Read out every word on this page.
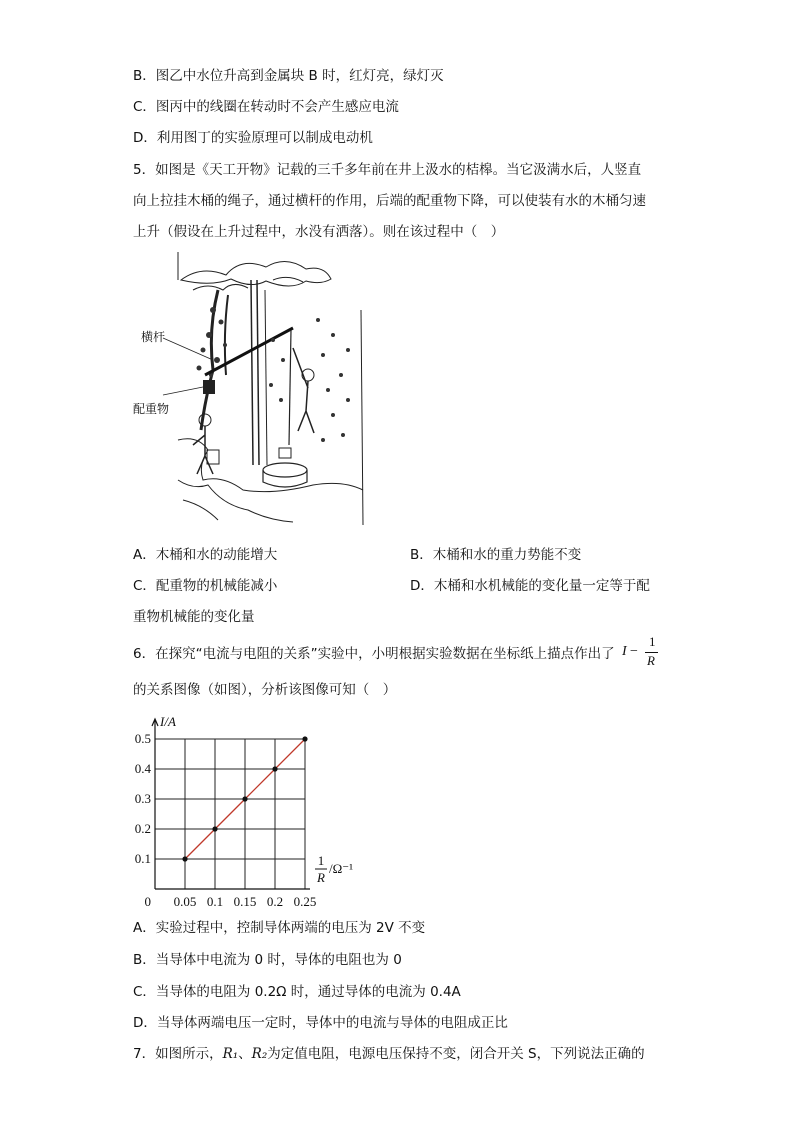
B．图乙中水位升高到金属块 B 时，红灯亮，绿灯灭
C．图丙中的线圈在转动时不会产生感应电流
D．利用图丁的实验原理可以制成电动机
5．如图是《天工开物》记载的三千多年前在井上汲水的桔槔。当它汲满水后，人竖直
向上拉挂木桶的绳子，通过横杆的作用，后端的配重物下降，可以使装有水的木桶匀速
上升（假设在上升过程中，水没有洒落）。则在该过程中（　）
横杆
配重物
A．木桶和水的动能增大	B．木桶和水的重力势能不变
C．配重物的机械能减小	D．木桶和水机械能的变化量一定等于配
重物机械能的变化量
6．在探究“电流与电阻的关系”实验中，小明根据实验数据在坐标纸上描点作出了 I −
1
R
的关系图像（如图），分析该图像可知（　）
0.1
0.2
0.3
0.4
0.5
0.05 0.1 0.15 0.2 0.25
0
I/A
1
R
/Ω⁻¹
A．实验过程中，控制导体两端的电压为 2V 不变
B．当导体中电流为 0 时，导体的电阻也为 0
C．当导体的电阻为 0.2Ω 时，通过导体的电流为 0.4A
D．当导体两端电压一定时，导体中的电流与导体的电阻成正比
7．如图所示，R₁、R₂为定值电阻，电源电压保持不变，闭合开关 S，下列说法正确的
